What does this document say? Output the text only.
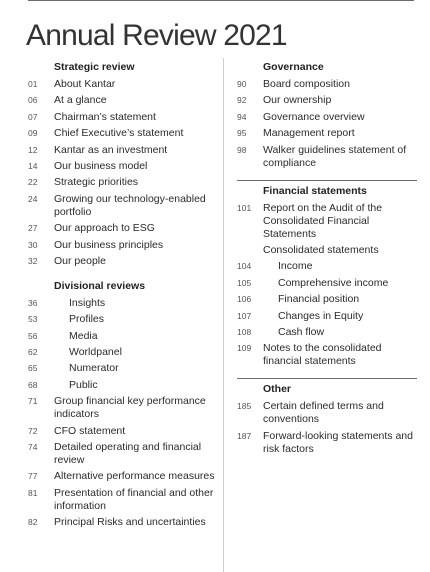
Annual Review 2021
Strategic review
01	About Kantar
06	At a glance
07	Chairman’s statement
09	Chief Executive’s statement
12	Kantar as an investment
14	Our business model
22	Strategic priorities
24	Growing our technology-enabled portfolio
27	Our approach to ESG
30	Our business principles
32	Our people
Divisional reviews
36	Insights
53	Profiles
56	Media
62	Worldpanel
65	Numerator
68	Public
71	Group financial key performance indicators
72	CFO statement
74	Detailed operating and financial review
77	Alternative performance measures
81	Presentation of financial and other information
82	Principal Risks and uncertainties
Governance
90	Board composition
92	Our ownership
94	Governance overview
95	Management report
98	Walker guidelines statement of compliance
Financial statements
101	Report on the Audit of the Consolidated Financial Statements
Consolidated statements
104	Income
105	Comprehensive income
106	Financial position
107	Changes in Equity
108	Cash flow
109	Notes to the consolidated financial statements
Other
185	Certain defined terms and conventions
187	Forward-looking statements and risk factors
